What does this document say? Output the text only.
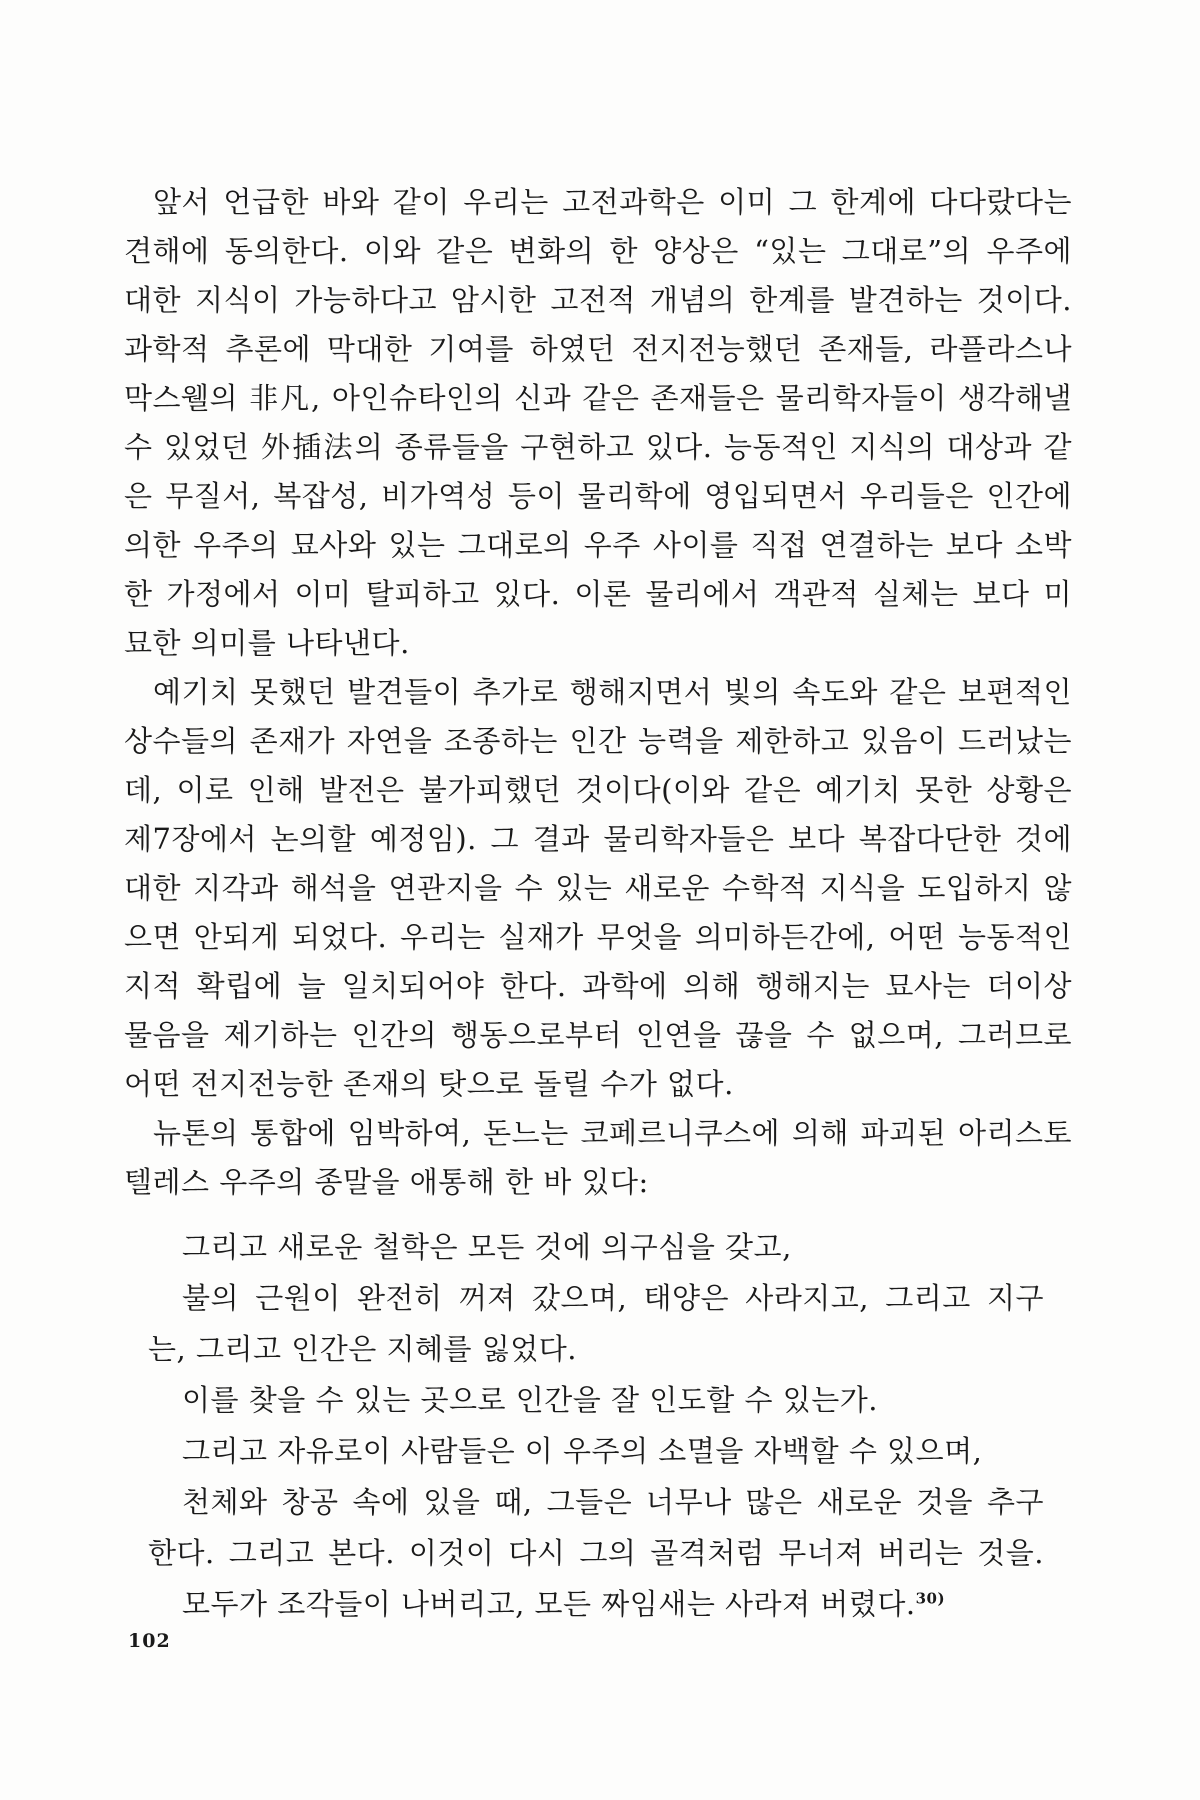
앞서 언급한 바와 같이 우리는 고전과학은 이미 그 한계에 다다랐다는
견해에 동의한다. 이와 같은 변화의 한 양상은 “있는 그대로”의 우주에
대한 지식이 가능하다고 암시한 고전적 개념의 한계를 발견하는 것이다.
과학적 추론에 막대한 기여를 하였던 전지전능했던 존재들, 라플라스나
막스웰의 非凡, 아인슈타인의 신과 같은 존재들은 물리학자들이 생각해낼
수 있었던 外插法의 종류들을 구현하고 있다. 능동적인 지식의 대상과 같
은 무질서, 복잡성, 비가역성 등이 물리학에 영입되면서 우리들은 인간에
의한 우주의 묘사와 있는 그대로의 우주 사이를 직접 연결하는 보다 소박
한 가정에서 이미 탈피하고 있다. 이론 물리에서 객관적 실체는 보다 미
묘한 의미를 나타낸다.
예기치 못했던 발견들이 추가로 행해지면서 빛의 속도와 같은 보편적인
상수들의 존재가 자연을 조종하는 인간 능력을 제한하고 있음이 드러났는
데, 이로 인해 발전은 불가피했던 것이다(이와 같은 예기치 못한 상황은
제7장에서 논의할 예정임). 그 결과 물리학자들은 보다 복잡다단한 것에
대한 지각과 해석을 연관지을 수 있는 새로운 수학적 지식을 도입하지 않
으면 안되게 되었다. 우리는 실재가 무엇을 의미하든간에, 어떤 능동적인
지적 확립에 늘 일치되어야 한다. 과학에 의해 행해지는 묘사는 더이상
물음을 제기하는 인간의 행동으로부터 인연을 끊을 수 없으며, 그러므로
어떤 전지전능한 존재의 탓으로 돌릴 수가 없다.
뉴톤의 통합에 임박하여, 돈느는 코페르니쿠스에 의해 파괴된 아리스토
텔레스 우주의 종말을 애통해 한 바 있다:
그리고 새로운 철학은 모든 것에 의구심을 갖고,
불의 근원이 완전히 꺼져 갔으며, 태양은 사라지고, 그리고 지구
는, 그리고 인간은 지혜를 잃었다.
이를 찾을 수 있는 곳으로 인간을 잘 인도할 수 있는가.
그리고 자유로이 사람들은 이 우주의 소멸을 자백할 수 있으며,
천체와 창공 속에 있을 때, 그들은 너무나 많은 새로운 것을 추구
한다. 그리고 본다. 이것이 다시 그의 골격처럼 무너져 버리는 것을.
모두가 조각들이 나버리고, 모든 짜임새는 사라져 버렸다.$^{30)}$
102
